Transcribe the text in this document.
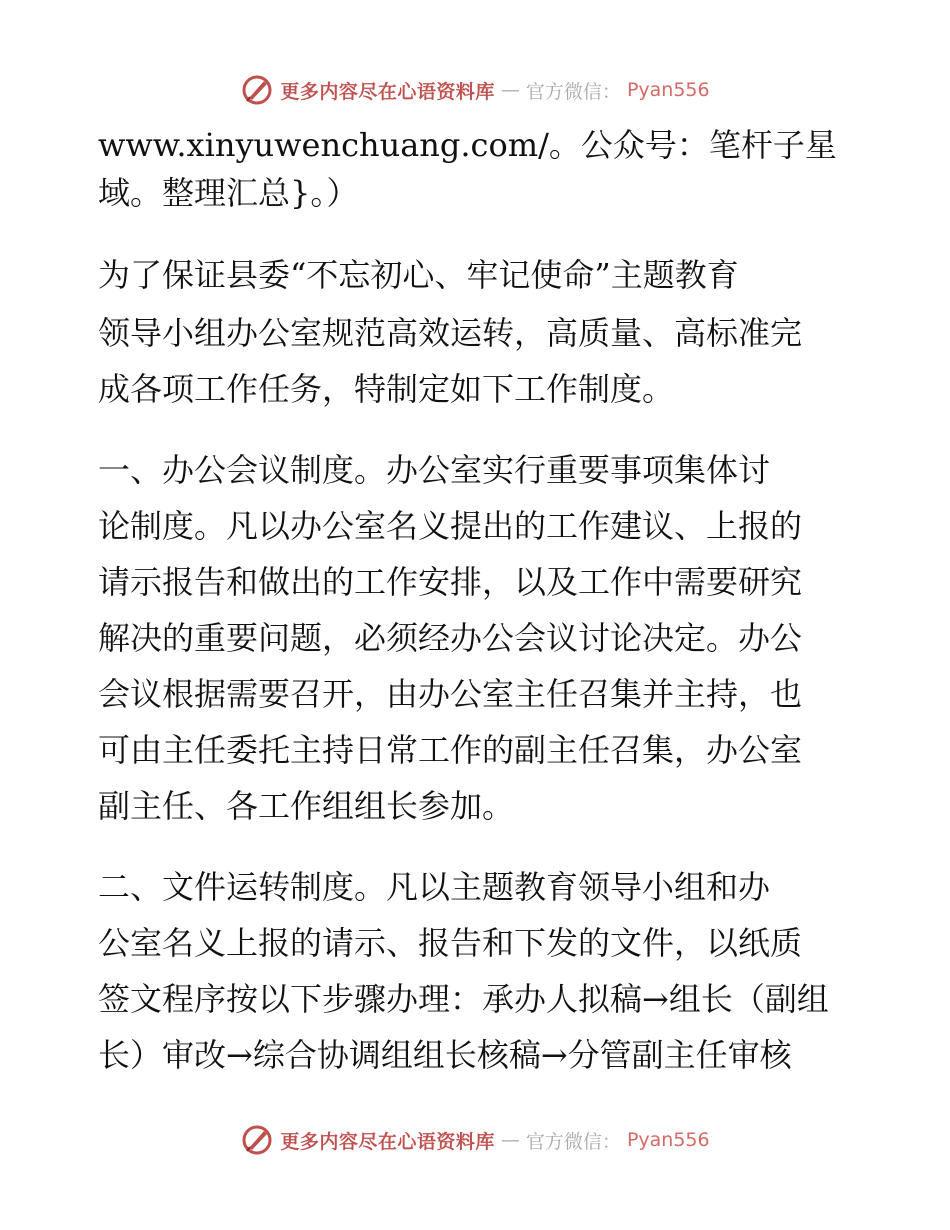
更多内容尽在心语资料库 — 官方微信： Pyan556
www.xinyuwenchuang.com/。公众号：笔杆子星
域。整理汇总}。）
为了保证县委“不忘初心、牢记使命”主题教育
领导小组办公室规范高效运转，高质量、高标准完
成各项工作任务，特制定如下工作制度。
一、办公会议制度。办公室实行重要事项集体讨
论制度。凡以办公室名义提出的工作建议、上报的
请示报告和做出的工作安排，以及工作中需要研究
解决的重要问题，必须经办公会议讨论决定。办公
会议根据需要召开，由办公室主任召集并主持，也
可由主任委托主持日常工作的副主任召集，办公室
副主任、各工作组组长参加。
二、文件运转制度。凡以主题教育领导小组和办
公室名义上报的请示、报告和下发的文件，以纸质
签文程序按以下步骤办理：承办人拟稿→组长（副组
长）审改→综合协调组组长核稿→分管副主任审核
更多内容尽在心语资料库 — 官方微信： Pyan556
